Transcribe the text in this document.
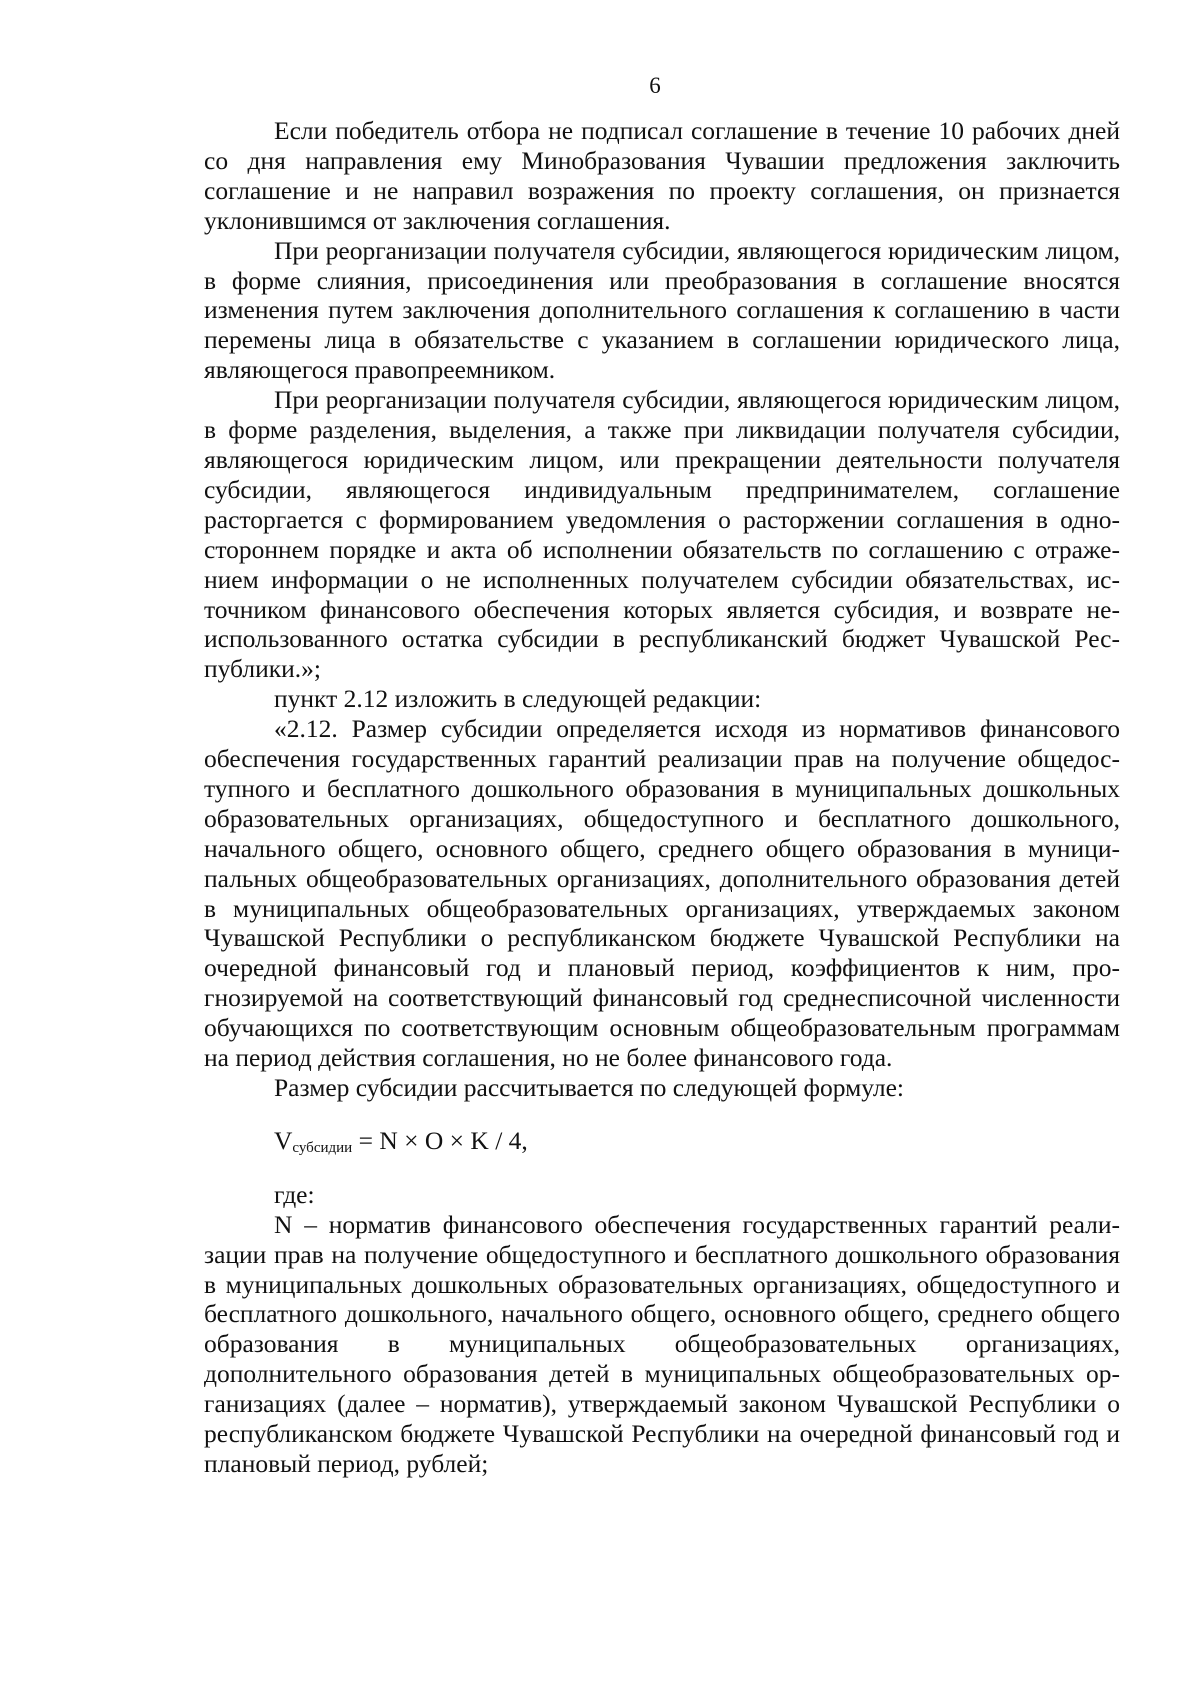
6

Если победитель отбора не подписал соглашение в течение 10 рабочих дней со дня направления ему Минобразования Чувашии предложения заключить соглашение и не направил возражения по проекту соглашения, он признается уклонившимся от заключения соглашения.

При реорганизации получателя субсидии, являющегося юридическим лицом, в форме слияния, присоединения или преобразования в соглашение вносятся изменения путем заключения дополнительного соглашения к соглашению в части перемены лица в обязательстве с указанием в соглашении юридического лица, являющегося правопреемником.

При реорганизации получателя субсидии, являющегося юридическим лицом, в форме разделения, выделения, а также при ликвидации получателя субсидии, являющегося юридическим лицом, или прекращении деятельности получателя субсидии, являющегося индивидуальным предпринимателем, соглашение расторгается с формированием уведомления о расторжении соглашения в одностороннем порядке и акта об исполнении обязательств по соглашению с отражением информации о не исполненных получателем субсидии обязательствах, источником финансового обеспечения которых является субсидия, и возврате неиспользованного остатка субсидии в республиканский бюджет Чувашской Республики.»;

пункт 2.12 изложить в следующей редакции:

«2.12. Размер субсидии определяется исходя из нормативов финансового обеспечения государственных гарантий реализации прав на получение общедоступного и бесплатного дошкольного образования в муниципальных дошкольных образовательных организациях, общедоступного и бесплатного дошкольного, начального общего, основного общего, среднего общего образования в муниципальных общеобразовательных организациях, дополнительного образования детей в муниципальных общеобразовательных организациях, утверждаемых законом Чувашской Республики о республиканском бюджете Чувашской Республики на очередной финансовый год и плановый период, коэффициентов к ним, прогнозируемой на соответствующий финансовый год среднесписочной численности обучающихся по соответствующим основным общеобразовательным программам на период действия соглашения, но не более финансового года.

Размер субсидии рассчитывается по следующей формуле:

$V_{субсидии} = N \times O \times K / 4$,

где:

N – норматив финансового обеспечения государственных гарантий реализации прав на получение общедоступного и бесплатного дошкольного образования в муниципальных дошкольных образовательных организациях, общедоступного и бесплатного дошкольного, начального общего, основного общего, среднего общего образования в муниципальных общеобразовательных организациях, дополнительного образования детей в муниципальных общеобразовательных организациях (далее – норматив), утверждаемый законом Чувашской Республики о республиканском бюджете Чувашской Республики на очередной финансовый год и плановый период, рублей;
